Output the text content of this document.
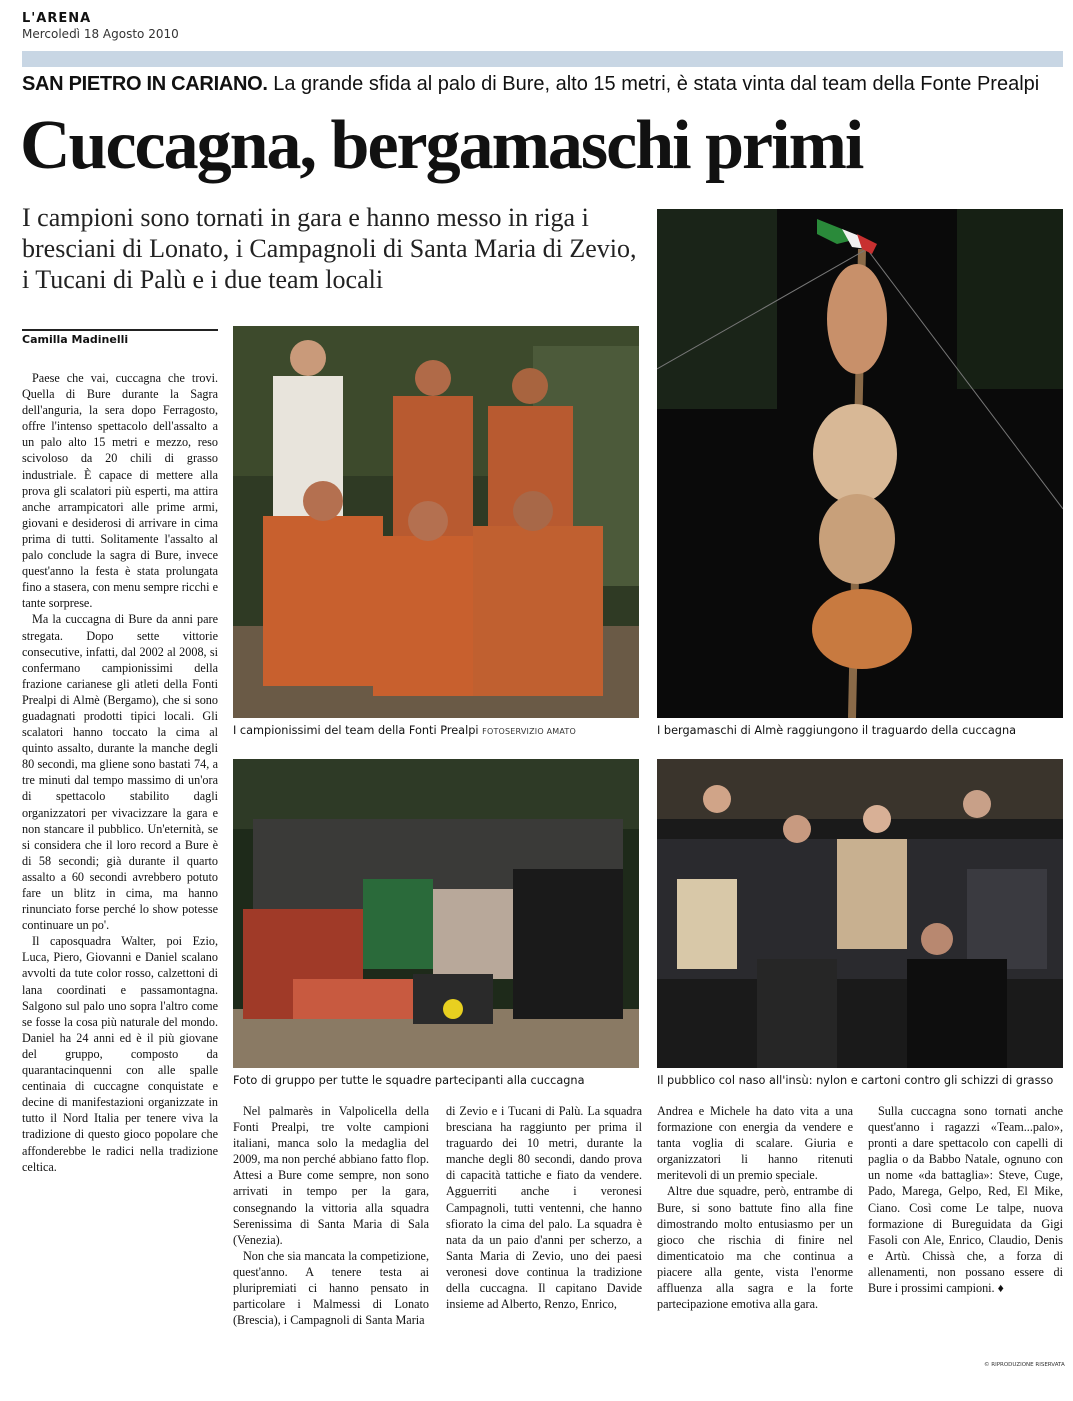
L'ARENA
Mercoledì 18 Agosto 2010
SAN PIETRO IN CARIANO. La grande sfida al palo di Bure, alto 15 metri, è stata vinta dal team della Fonte Prealpi
Cuccagna, bergamaschi primi
I campioni sono tornati in gara e hanno messo in riga i bresciani di Lonato, i Campagnoli di Santa Maria di Zevio, i Tucani di Palù e i due team locali
Camilla Madinelli

Paese che vai, cuccagna che trovi. Quella di Bure durante la Sagra dell'anguria, la sera dopo Ferragosto, offre l'intenso spettacolo dell'assalto a un palo alto 15 metri e mezzo, reso scivoloso da 20 chili di grasso industriale. È capace di mettere alla prova gli scalatori più esperti, ma attira anche arrampicatori alle prime armi, giovani e desiderosi di arrivare in cima prima di tutti. Solitamente l'assalto al palo conclude la sagra di Bure, invece quest'anno la festa è stata prolungata fino a stasera, con menu sempre ricchi e tante sorprese.

Ma la cuccagna di Bure da anni pare stregata. Dopo sette vittorie consecutive, infatti, dal 2002 al 2008, si confermano campionissimi della frazione carianese gli atleti della Fonti Prealpi di Almè (Bergamo), che si sono guadagnati prodotti tipici locali. Gli scalatori hanno toccato la cima al quinto assalto, durante la manche degli 80 secondi, ma gliene sono bastati 74, a tre minuti dal tempo massimo di un'ora di spettacolo stabilito dagli organizzatori per vivacizzare la gara e non stancare il pubblico. Un'eternità, se si considera che il loro record a Bure è di 58 secondi; già durante il quarto assalto a 60 secondi avrebbero potuto fare un blitz in cima, ma hanno rinunciato forse perché lo show potesse continuare un po'.

Il caposquadra Walter, poi Ezio, Luca, Piero, Giovanni e Daniel scalano avvolti da tute color rosso, calzettoni di lana coordinati e passamontagna. Salgono sul palo uno sopra l'altro come se fosse la cosa più naturale del mondo. Daniel ha 24 anni ed è il più giovane del gruppo, composto da quarantacinquenni con alle spalle centinaia di cuccagne conquistate e decine di manifestazioni organizzate in tutto il Nord Italia per tenere viva la tradizione di questo gioco popolare che affonderebbe le radici nella tradizione celtica.

I campionissimi del team della Fonti Prealpi FOTOSERVIZIO AMATO	I bergamaschi di Almè raggiungono il traguardo della cuccagna
Foto di gruppo per tutte le squadre partecipanti alla cuccagna	Il pubblico col naso all'insù: nylon e cartoni contro gli schizzi di grasso

Nel palmarès in Valpolicella della Fonti Prealpi, tre volte campioni italiani, manca solo la medaglia del 2009, ma non perché abbiano fatto flop. Attesi a Bure come sempre, non sono arrivati in tempo per la gara, consegnando la vittoria alla squadra Serenissima di Santa Maria di Sala (Venezia).

Non che sia mancata la competizione, quest'anno. A tenere testa ai pluripremiati ci hanno pensato in particolare i Malmessi di Lonato (Brescia), i Campagnoli di Santa Maria

di Zevio e i Tucani di Palù. La squadra bresciana ha raggiunto per prima il traguardo dei 10 metri, durante la manche degli 80 secondi, dando prova di capacità tattiche e fiato da vendere. Agguerriti anche i veronesi Campagnoli, tutti ventenni, che hanno sfiorato la cima del palo. La squadra è nata da un paio d'anni per scherzo, a Santa Maria di Zevio, uno dei paesi veronesi dove continua la tradizione della cuccagna. Il capitano Davide insieme ad Alberto, Renzo, Enrico,

Andrea e Michele ha dato vita a una formazione con energia da vendere e tanta voglia di scalare. Giuria e organizzatori li hanno ritenuti meritevoli di un premio speciale.

Altre due squadre, però, entrambe di Bure, si sono battute fino alla fine dimostrando molto entusiasmo per un gioco che rischia di finire nel dimenticatoio ma che continua a piacere alla gente, vista l'enorme affluenza alla sagra e la forte partecipazione emotiva alla gara.

Sulla cuccagna sono tornati anche quest'anno i ragazzi «Team...palo», pronti a dare spettacolo con capelli di paglia o da Babbo Natale, ognuno con un nome «da battaglia»: Steve, Cuge, Pado, Marega, Gelpo, Red, El Mike, Ciano. Così come Le talpe, nuova formazione di Bureguidata da Gigi Fasoli con Ale, Enrico, Claudio, Denis e Artù. Chissà che, a forza di allenamenti, non possano essere di Bure i prossimi campioni. ♦

© RIPRODUZIONE RISERVATA
